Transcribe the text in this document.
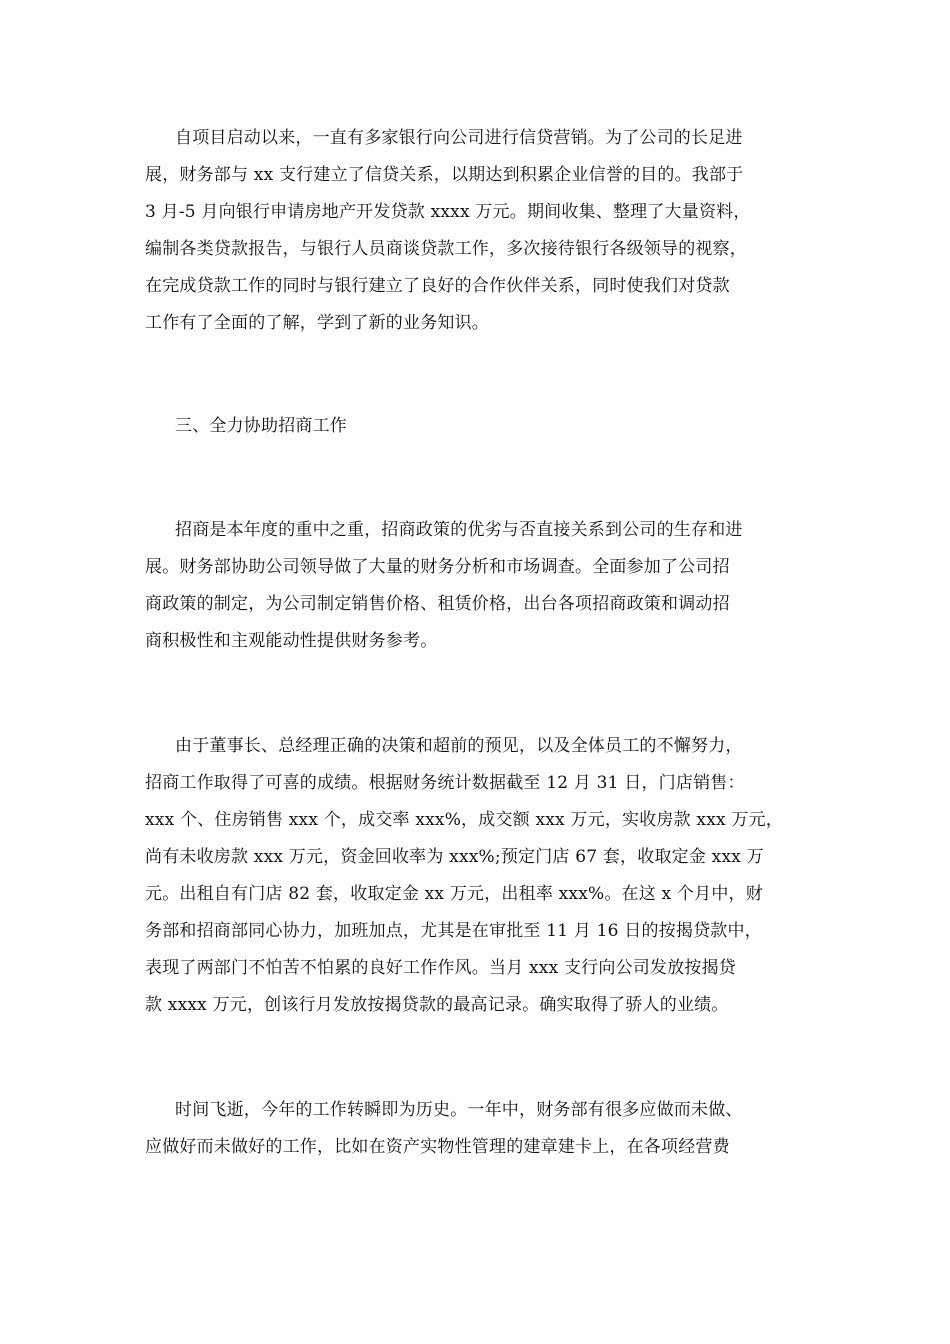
自项目启动以来，一直有多家银行向公司进行信贷营销。为了公司的长足进
展，财务部与 xx 支行建立了信贷关系，以期达到积累企业信誉的目的。我部于
3 月-5 月向银行申请房地产开发贷款 xxxx 万元。期间收集、整理了大量资料，
编制各类贷款报告，与银行人员商谈贷款工作，多次接待银行各级领导的视察，
在完成贷款工作的同时与银行建立了良好的合作伙伴关系，同时使我们对贷款
工作有了全面的了解，学到了新的业务知识。
三、全力协助招商工作
招商是本年度的重中之重，招商政策的优劣与否直接关系到公司的生存和进
展。财务部协助公司领导做了大量的财务分析和市场调查。全面参加了公司招
商政策的制定，为公司制定销售价格、租赁价格，出台各项招商政策和调动招
商积极性和主观能动性提供财务参考。
由于董事长、总经理正确的决策和超前的预见，以及全体员工的不懈努力，
招商工作取得了可喜的成绩。根据财务统计数据截至 12 月 31 日，门店销售：
xxx 个、住房销售 xxx 个，成交率 xxx%，成交额 xxx 万元，实收房款 xxx 万元，
尚有未收房款 xxx 万元，资金回收率为 xxx%;预定门店 67 套，收取定金 xxx 万
元。出租自有门店 82 套，收取定金 xx 万元，出租率 xxx%。在这 x 个月中，财
务部和招商部同心协力，加班加点，尤其是在审批至 11 月 16 日的按揭贷款中，
表现了两部门不怕苦不怕累的良好工作作风。当月 xxx 支行向公司发放按揭贷
款 xxxx 万元，创该行月发放按揭贷款的最高记录。确实取得了骄人的业绩。
时间飞逝，今年的工作转瞬即为历史。一年中，财务部有很多应做而未做、
应做好而未做好的工作，比如在资产实物性管理的建章建卡上，在各项经营费
